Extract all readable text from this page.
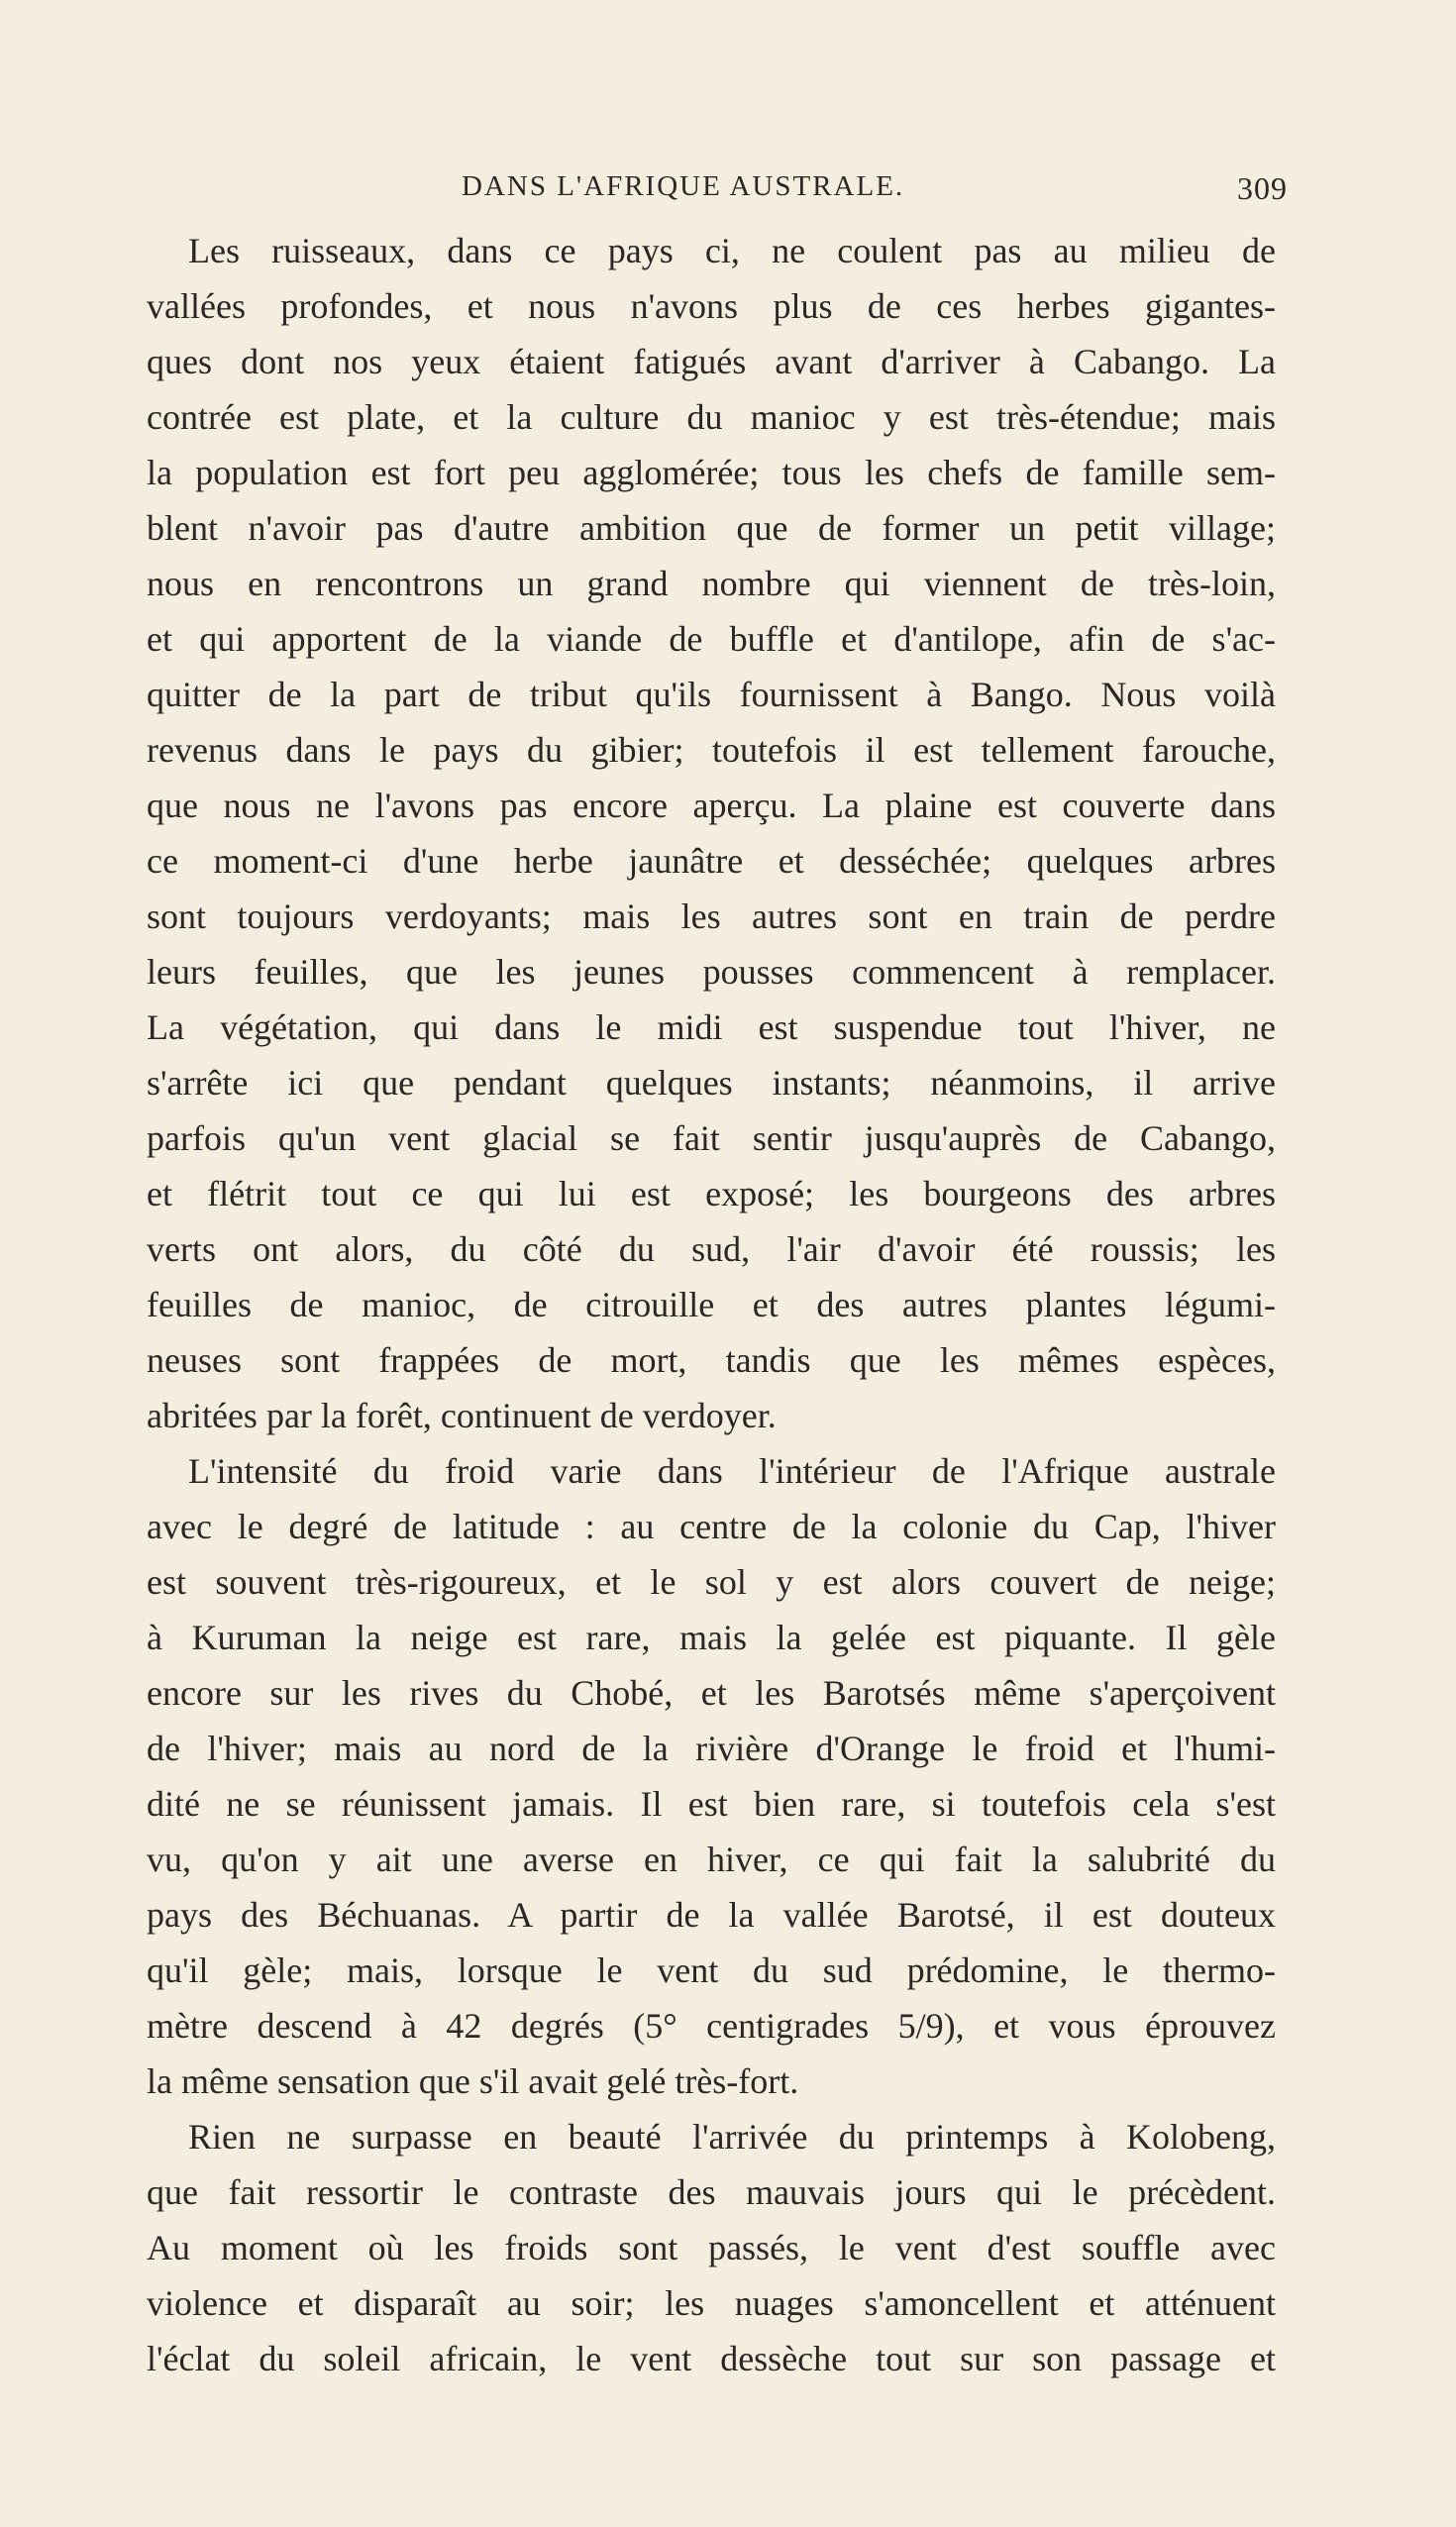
DANS L'AFRIQUE AUSTRALE.	309
Les ruisseaux, dans ce pays ci, ne coulent pas au milieu de
vallées profondes, et nous n'avons plus de ces herbes gigantes-
ques dont nos yeux étaient fatigués avant d'arriver à Cabango. La
contrée est plate, et la culture du manioc y est très-étendue; mais
la population est fort peu agglomérée; tous les chefs de famille sem-
blent n'avoir pas d'autre ambition que de former un petit village;
nous en rencontrons un grand nombre qui viennent de très-loin,
et qui apportent de la viande de buffle et d'antilope, afin de s'ac-
quitter de la part de tribut qu'ils fournissent à Bango. Nous voilà
revenus dans le pays du gibier; toutefois il est tellement farouche,
que nous ne l'avons pas encore aperçu. La plaine est couverte dans
ce moment-ci d'une herbe jaunâtre et desséchée; quelques arbres
sont toujours verdoyants; mais les autres sont en train de perdre
leurs feuilles, que les jeunes pousses commencent à remplacer.
La végétation, qui dans le midi est suspendue tout l'hiver, ne
s'arrête ici que pendant quelques instants; néanmoins, il arrive
parfois qu'un vent glacial se fait sentir jusqu'auprès de Cabango,
et flétrit tout ce qui lui est exposé; les bourgeons des arbres
verts ont alors, du côté du sud, l'air d'avoir été roussis; les
feuilles de manioc, de citrouille et des autres plantes légumi-
neuses sont frappées de mort, tandis que les mêmes espèces,
abritées par la forêt, continuent de verdoyer.
L'intensité du froid varie dans l'intérieur de l'Afrique australe
avec le degré de latitude : au centre de la colonie du Cap, l'hiver
est souvent très-rigoureux, et le sol y est alors couvert de neige;
à Kuruman la neige est rare, mais la gelée est piquante. Il gèle
encore sur les rives du Chobé, et les Barotsés même s'aperçoivent
de l'hiver; mais au nord de la rivière d'Orange le froid et l'humi-
dité ne se réunissent jamais. Il est bien rare, si toutefois cela s'est
vu, qu'on y ait une averse en hiver, ce qui fait la salubrité du
pays des Béchuanas. A partir de la vallée Barotsé, il est douteux
qu'il gèle; mais, lorsque le vent du sud prédomine, le thermo-
mètre descend à 42 degrés (5° centigrades 5/9), et vous éprouvez
la même sensation que s'il avait gelé très-fort.
Rien ne surpasse en beauté l'arrivée du printemps à Kolobeng,
que fait ressortir le contraste des mauvais jours qui le précèdent.
Au moment où les froids sont passés, le vent d'est souffle avec
violence et disparaît au soir; les nuages s'amoncellent et atténuent
l'éclat du soleil africain, le vent dessèche tout sur son passage et
